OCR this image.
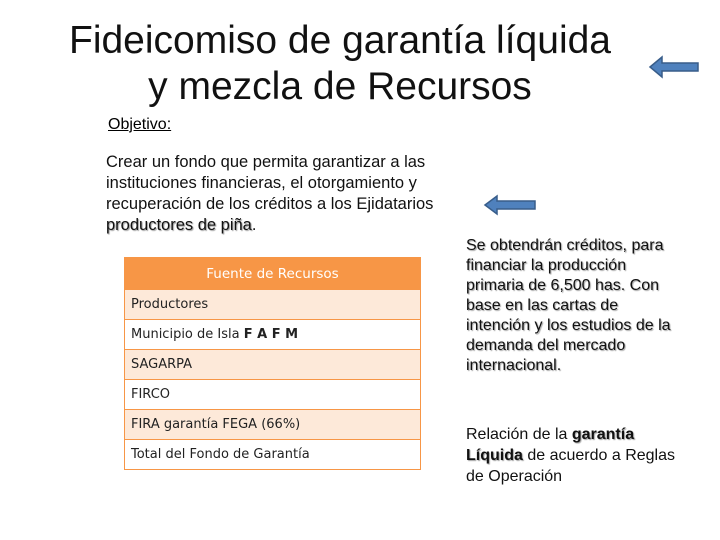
Fideicomiso de garantía líquida
y mezcla de Recursos
Objetivo:
Crear un fondo que permita garantizar a las instituciones financieras, el otorgamiento y recuperación de los créditos a los Ejidatarios productores de piña.
Fuente de Recursos
Productores
Municipio de Isla F A F M
SAGARPA
FIRCO
FIRA garantía FEGA (66%)
Total del Fondo de Garantía
Se obtendrán créditos, para financiar la producción primaria de 6,500 has. Con base en las cartas de intención y los estudios de la demanda del mercado internacional.
Relación de la garantía Líquida de acuerdo a Reglas de Operación
